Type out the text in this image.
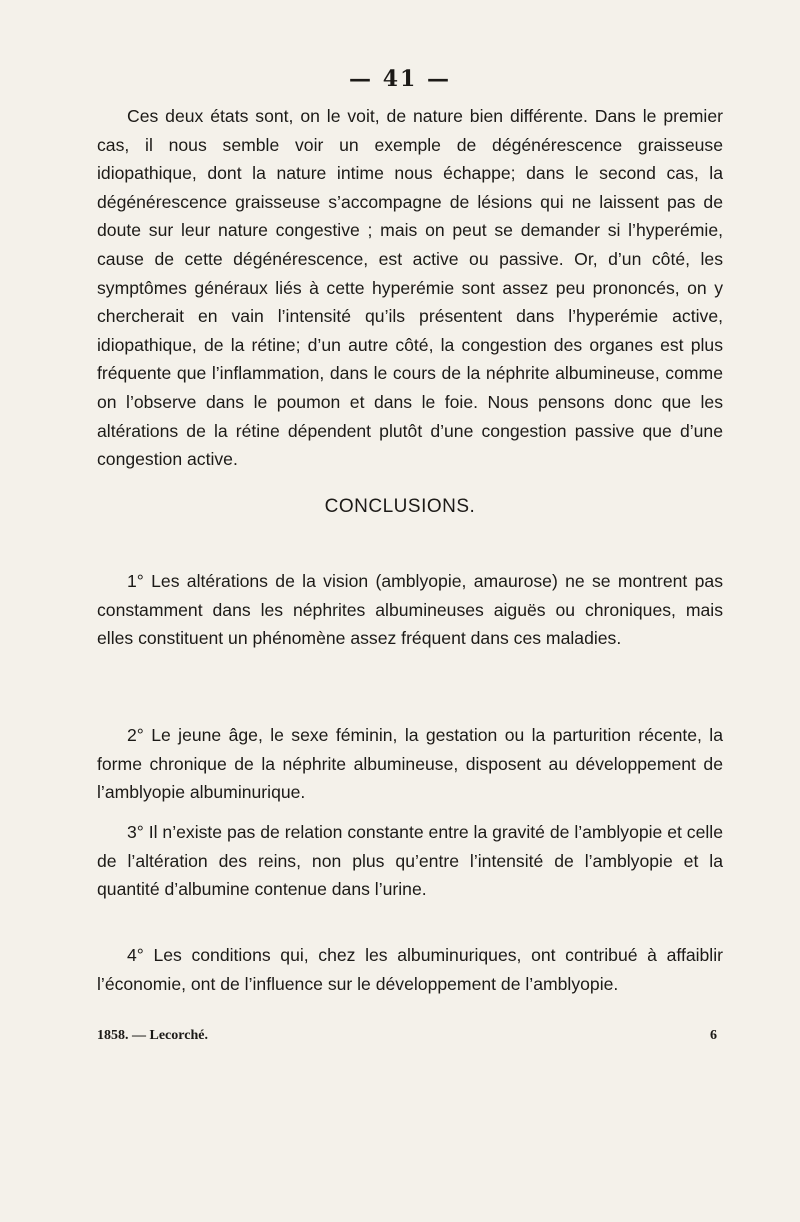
— 41 —

Ces deux états sont, on le voit, de nature bien différente. Dans le premier cas, il nous semble voir un exemple de dégénérescence graisseuse idiopathique, dont la nature intime nous échappe; dans le second cas, la dégénérescence graisseuse s’accompagne de lésions qui ne laissent pas de doute sur leur nature congestive ; mais on peut se demander si l’hyperémie, cause de cette dégénérescence, est active ou passive. Or, d’un côté, les symptômes généraux liés à cette hyperémie sont assez peu prononcés, on y chercherait en vain l’intensité qu’ils présentent dans l’hyperémie active, idiopathique, de la rétine; d’un autre côté, la congestion des organes est plus fréquente que l’inflammation, dans le cours de la néphrite albumineuse, comme on l’observe dans le poumon et dans le foie. Nous pensons donc que les altérations de la rétine dépendent plutôt d’une congestion passive que d’une congestion active.

CONCLUSIONS.

1° Les altérations de la vision (amblyopie, amaurose) ne se montrent pas constamment dans les néphrites albumineuses aiguës ou chroniques, mais elles constituent un phénomène assez fréquent dans ces maladies.

2° Le jeune âge, le sexe féminin, la gestation ou la parturition récente, la forme chronique de la néphrite albumineuse, disposent au développement de l’amblyopie albuminurique.

3° Il n’existe pas de relation constante entre la gravité de l’amblyopie et celle de l’altération des reins, non plus qu’entre l’intensité de l’amblyopie et la quantité d’albumine contenue dans l’urine.

4° Les conditions qui, chez les albuminuriques, ont contribué à affaiblir l’économie, ont de l’influence sur le développement de l’amblyopie.

1858. — Lecorché.	6
